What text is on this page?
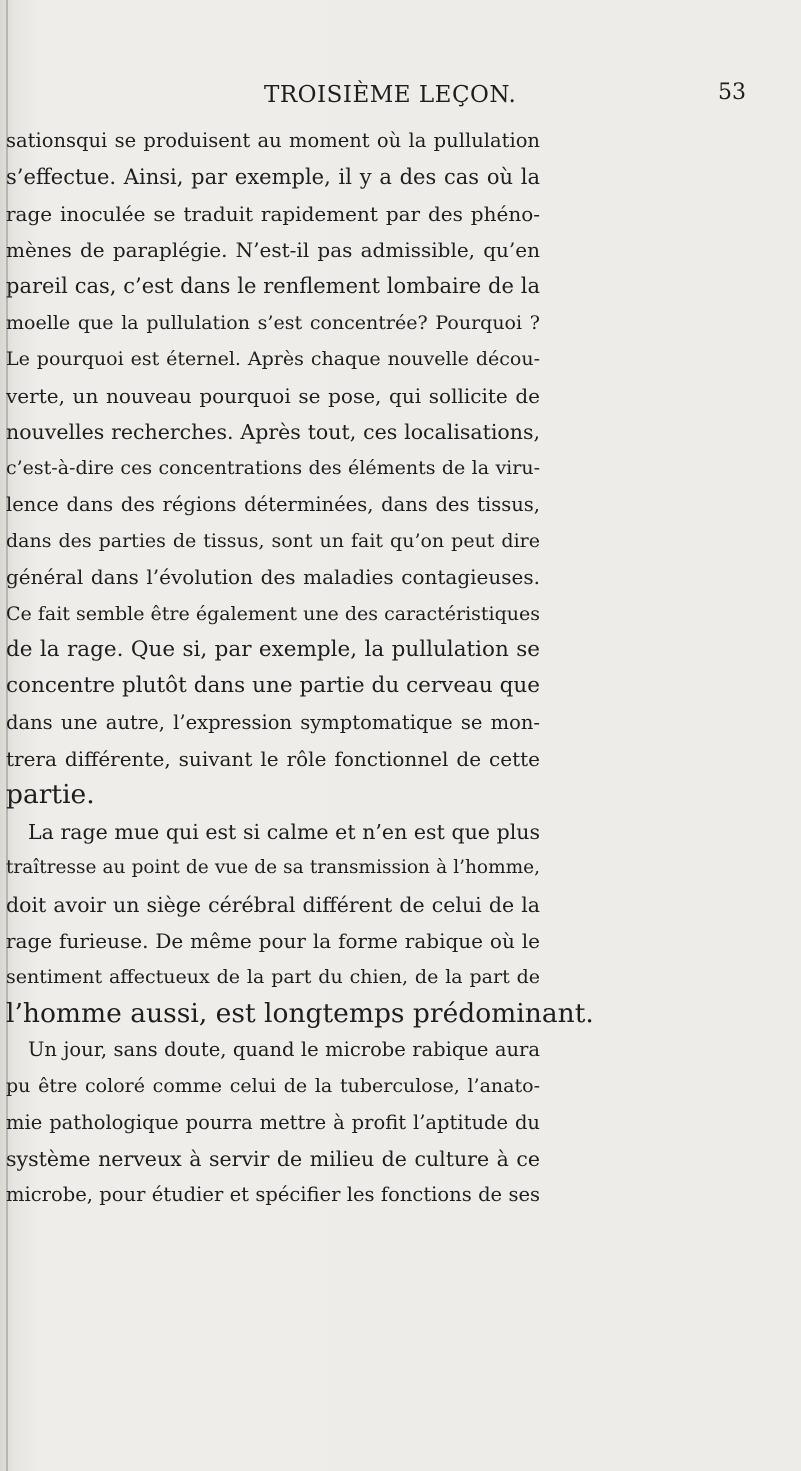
TROISIÈME LEÇON.	53
sationsqui se produisent au moment où la pullulation
s’effectue. Ainsi, par exemple, il y a des cas où la
rage inoculée se traduit rapidement par des phéno-
mènes de paraplégie. N’est-il pas admissible, qu’en
pareil cas, c’est dans le renflement lombaire de la
moelle que la pullulation s’est concentrée? Pourquoi ?
Le pourquoi est éternel. Après chaque nouvelle décou-
verte, un nouveau pourquoi se pose, qui sollicite de
nouvelles recherches. Après tout, ces localisations,
c’est-à-dire ces concentrations des éléments de la viru-
lence dans des régions déterminées, dans des tissus,
dans des parties de tissus, sont un fait qu’on peut dire
général dans l’évolution des maladies contagieuses.
Ce fait semble être également une des caractéristiques
de la rage. Que si, par exemple, la pullulation se
concentre plutôt dans une partie du cerveau que
dans une autre, l’expression symptomatique se mon-
trera différente, suivant le rôle fonctionnel de cette
partie.
La rage mue qui est si calme et n’en est que plus
traîtresse au point de vue de sa transmission à l’homme,
doit avoir un siège cérébral différent de celui de la
rage furieuse. De même pour la forme rabique où le
sentiment affectueux de la part du chien, de la part de
l’homme aussi, est longtemps prédominant.
Un jour, sans doute, quand le microbe rabique aura
pu être coloré comme celui de la tuberculose, l’anato-
mie pathologique pourra mettre à profit l’aptitude du
système nerveux à servir de milieu de culture à ce
microbe, pour étudier et spécifier les fonctions de ses
